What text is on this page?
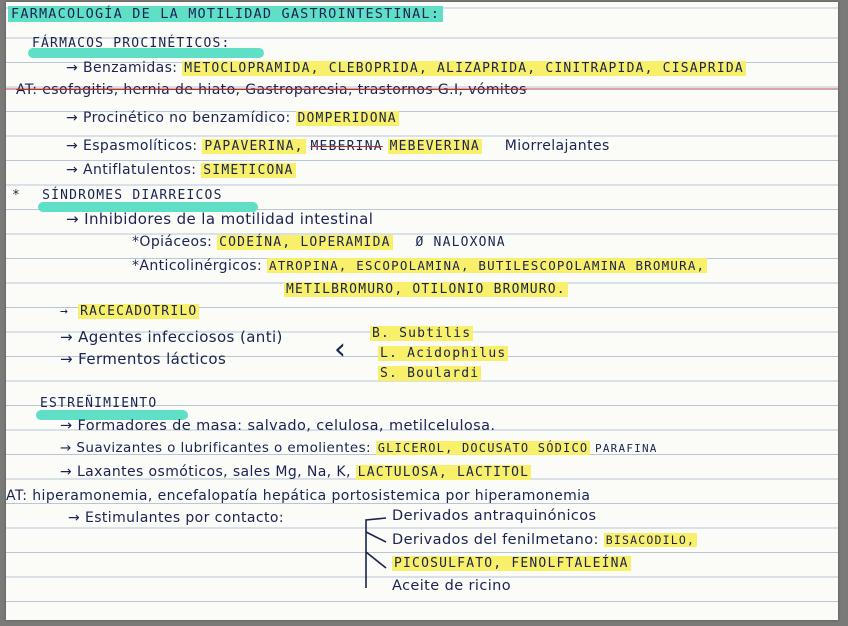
FARMACOLOGÍA DE LA MOTILIDAD GASTROINTESTINAL:
FÁRMACOS PROCINÉTICOS:
→ Benzamidas: METOCLOPRAMIDA, CLEBOPRIDA, ALIZAPRIDA, CINITRAPIDA, CISAPRIDA
AT: esofagitis, hernia de hiato, Gastroparesia, trastornos G.I, vómitos
→ Procinético no benzamídico: DOMPERIDONA
→ Espasmolíticos: PAPAVERINA, MEBERINA MEBEVERINA Miorrelajantes
→ Antiflatulentos: SIMETICONA
* SÍNDROMES DIARREICOS
→ Inhibidores de la motilidad intestinal
*Opiáceos: CODEÍNA, LOPERAMIDA Ø NALOXONA
*Anticolinérgicos: ATROPINA, ESCOPOLAMINA, BUTILESCOPOLAMINA BROMURA,
METILBROMURO, OTILONIO BROMURO.
→ RACECADOTRILO
→ Agentes infecciosos (anti)
→ Fermentos lácticos	‹ B. Subtilis
L. Acidophilus
S. Boulardi
ESTREÑIMIENTO
→ Formadores de masa: salvado, celulosa, metilcelulosa.
→ Suavizantes o lubrificantes o emolientes: GLICEROL, DOCUSATO SÓDICO PARAFINA
→ Laxantes osmóticos, sales Mg, Na, K, LACTULOSA, LACTITOL
AT: hiperamonemia, encefalopatía hepática portosistemica por hiperamonemia
→ Estimulantes por contacto:	Derivados antraquinónicos
Derivados del fenilmetano: BISACODILO,
PICOSULFATO, FENOLFTALEÍNA
Aceite de ricino
